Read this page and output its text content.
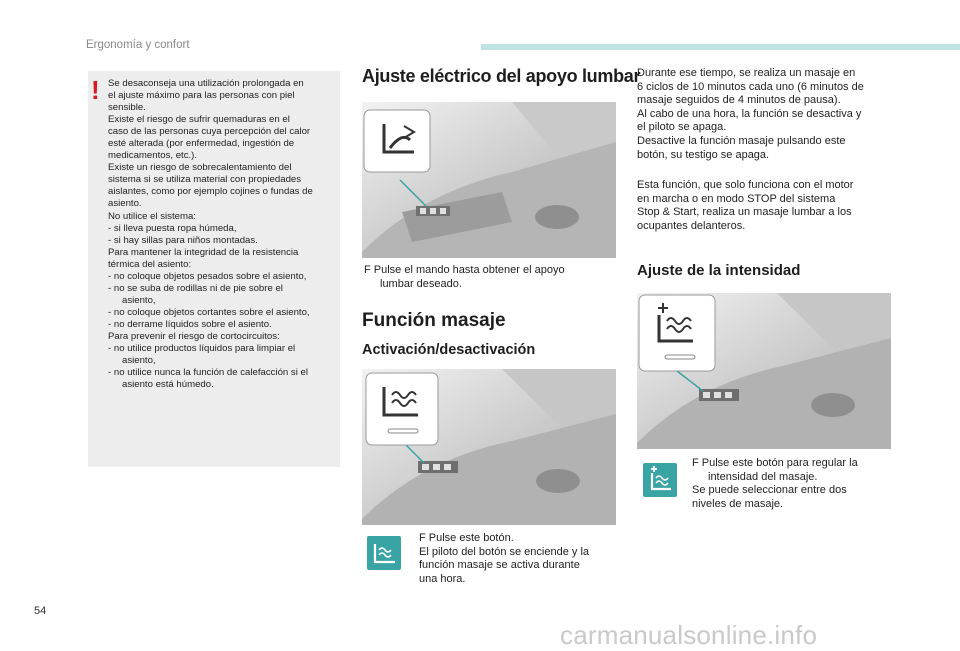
Ergonomía y confort
! Se desaconseja una utilización prolongada en
el ajuste máximo para las personas con piel
sensible.
Existe el riesgo de sufrir quemaduras en el
caso de las personas cuya percepción del calor
esté alterada (por enfermedad, ingestión de
medicamentos, etc.).
Existe un riesgo de sobrecalentamiento del
sistema si se utiliza material con propiedades
aislantes, como por ejemplo cojines o fundas de
asiento.
No utilice el sistema:
- si lleva puesta ropa húmeda,
- si hay sillas para niños montadas.
Para mantener la integridad de la resistencia
térmica del asiento:
- no coloque objetos pesados sobre el asiento,
- no se suba de rodillas ni de pie sobre el
asiento,
- no coloque objetos cortantes sobre el asiento,
- no derrame líquidos sobre el asiento.
Para prevenir el riesgo de cortocircuitos:
- no utilice productos líquidos para limpiar el
asiento,
- no utilice nunca la función de calefacción si el
asiento está húmedo.

Ajuste eléctrico del apoyo lumbar

F Pulse el mando hasta obtener el apoyo
lumbar deseado.

Función masaje
Activación/desactivación

F Pulse este botón.
El piloto del botón se enciende y la
función masaje se activa durante
una hora.

Durante ese tiempo, se realiza un masaje en
6 ciclos de 10 minutos cada uno (6 minutos de
masaje seguidos de 4 minutos de pausa).
Al cabo de una hora, la función se desactiva y
el piloto se apaga.
Desactive la función masaje pulsando este
botón, su testigo se apaga.

Esta función, que solo funciona con el motor
en marcha o en modo STOP del sistema
Stop & Start, realiza un masaje lumbar a los
ocupantes delanteros.

Ajuste de la intensidad

F Pulse este botón para regular la
intensidad del masaje.
Se puede seleccionar entre dos
niveles de masaje.

54
carmanualsonline.info
